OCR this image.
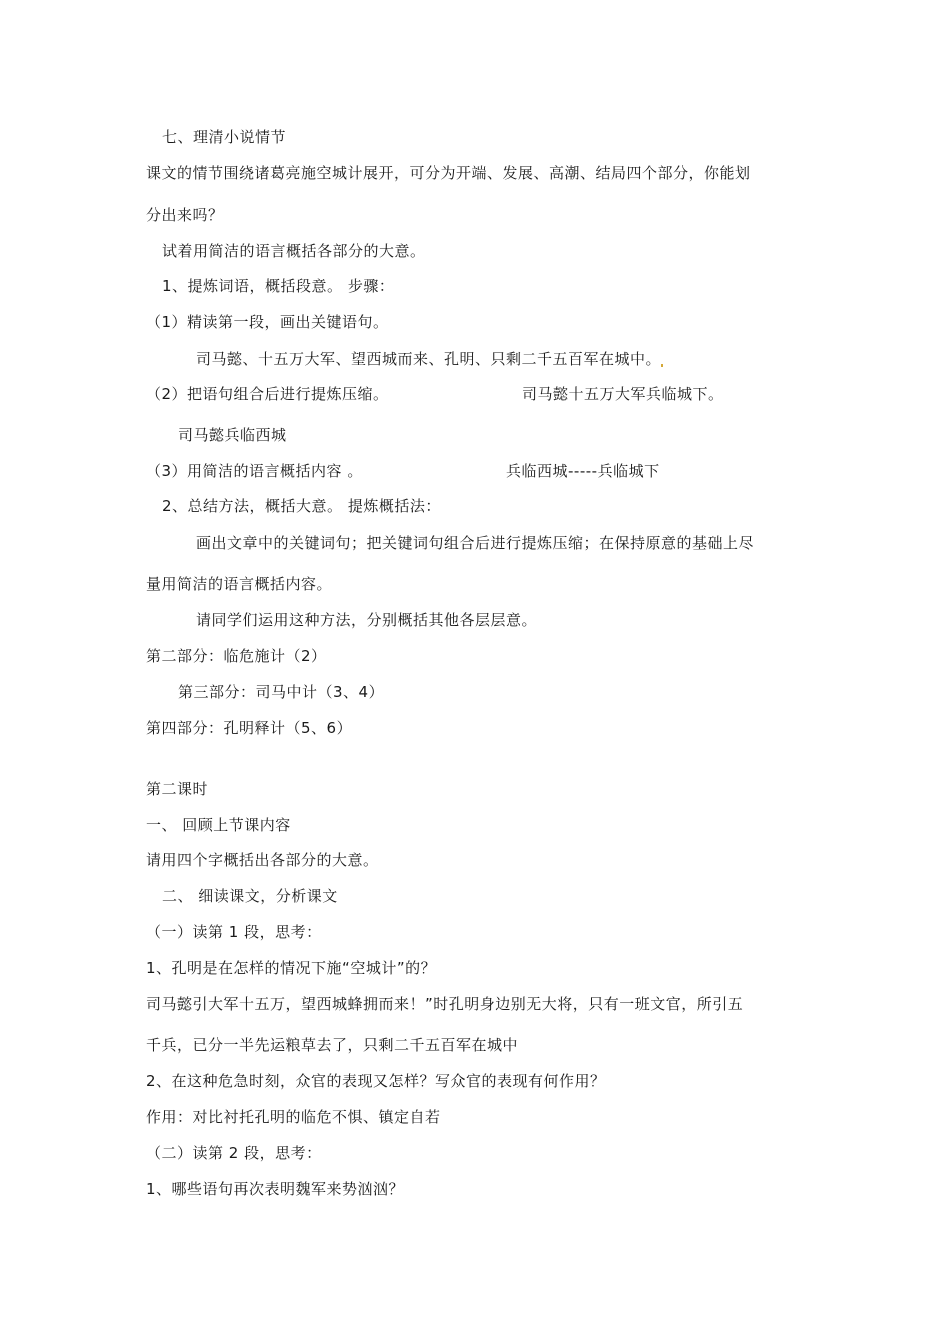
七、理清小说情节
课文的情节围绕诸葛亮施空城计展开，可分为开端、发展、高潮、结局四个部分，你能划
分出来吗？
试着用简洁的语言概括各部分的大意。
1、提炼词语，概括段意。 步骤：
（1）精读第一段，画出关键语句。
司马懿、十五万大军、望西城而来、孔明、只剩二千五百军在城中。
（2）把语句组合后进行提炼压缩。	司马懿十五万大军兵临城下。
司马懿兵临西城
（3）用简洁的语言概括内容 。	兵临西城-----兵临城下
2、总结方法，概括大意。 提炼概括法：
画出文章中的关键词句；把关键词句组合后进行提炼压缩；在保持原意的基础上尽
量用简洁的语言概括内容。
请同学们运用这种方法，分别概括其他各层层意。
第二部分：临危施计（2）
第三部分：司马中计（3、4）
第四部分：孔明释计（5、6）
第二课时
一、 回顾上节课内容
请用四个字概括出各部分的大意。
二、 细读课文，分析课文
（一）读第 1 段，思考：
1、孔明是在怎样的情况下施“空城计”的？
司马懿引大军十五万，望西城蜂拥而来！”时孔明身边别无大将，只有一班文官，所引五
千兵，已分一半先运粮草去了，只剩二千五百军在城中
2、在这种危急时刻，众官的表现又怎样？写众官的表现有何作用？
作用：对比衬托孔明的临危不惧、镇定自若
（二）读第 2 段，思考：
1、哪些语句再次表明魏军来势汹汹？
